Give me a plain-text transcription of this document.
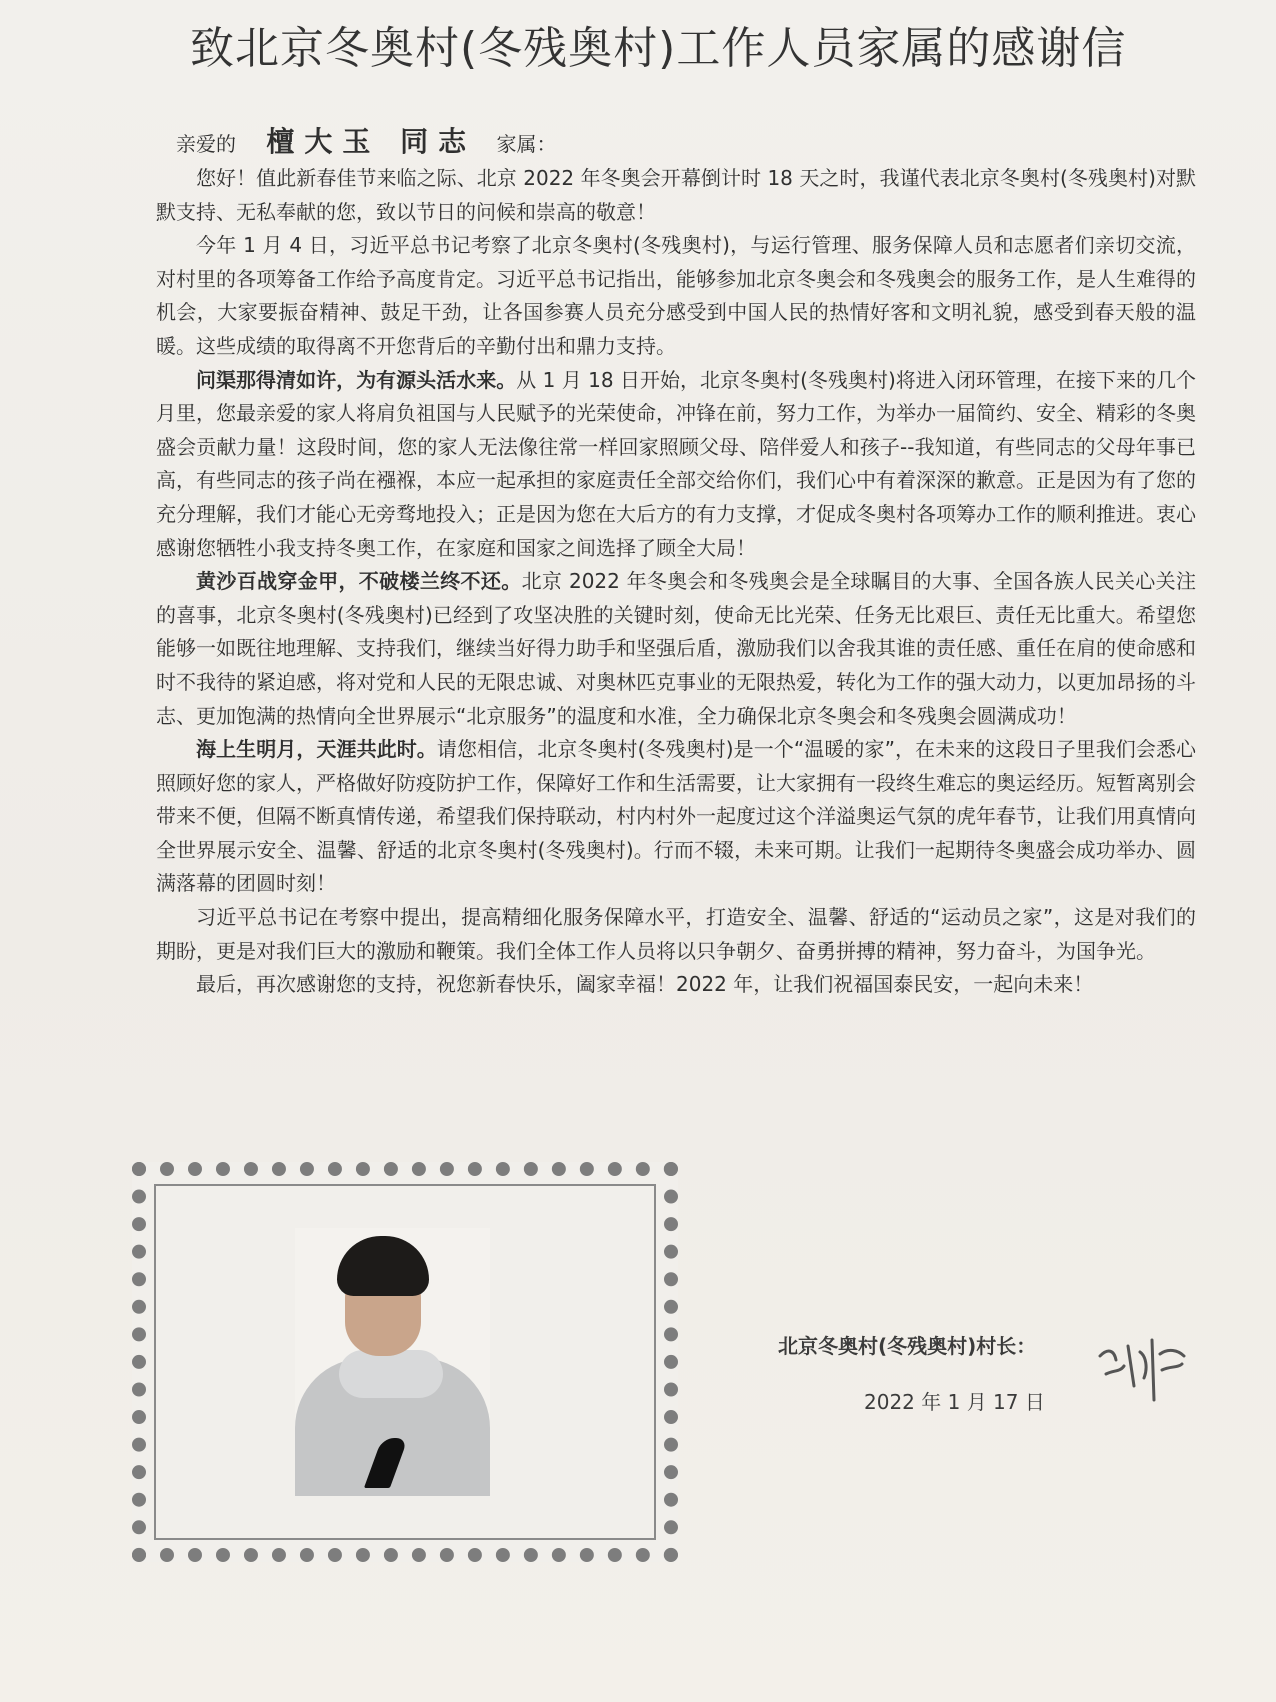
致北京冬奥村(冬残奥村)工作人员家属的感谢信
亲爱的 檀大玉 同志 家属：

您好！值此新春佳节来临之际、北京 2022 年冬奥会开幕倒计时 18 天之时，我谨代表北京冬奥村(冬残奥村)对默默支持、无私奉献的您，致以节日的问候和崇高的敬意！

今年 1 月 4 日，习近平总书记考察了北京冬奥村(冬残奥村)，与运行管理、服务保障人员和志愿者们亲切交流，对村里的各项筹备工作给予高度肯定。习近平总书记指出，能够参加北京冬奥会和冬残奥会的服务工作，是人生难得的机会，大家要振奋精神、鼓足干劲，让各国参赛人员充分感受到中国人民的热情好客和文明礼貌，感受到春天般的温暖。这些成绩的取得离不开您背后的辛勤付出和鼎力支持。

问渠那得清如许，为有源头活水来。从 1 月 18 日开始，北京冬奥村(冬残奥村)将进入闭环管理，在接下来的几个月里，您最亲爱的家人将肩负祖国与人民赋予的光荣使命，冲锋在前，努力工作，为举办一届简约、安全、精彩的冬奥盛会贡献力量！这段时间，您的家人无法像往常一样回家照顾父母、陪伴爱人和孩子--我知道，有些同志的父母年事已高，有些同志的孩子尚在襁褓，本应一起承担的家庭责任全部交给你们，我们心中有着深深的歉意。正是因为有了您的充分理解，我们才能心无旁骛地投入；正是因为您在大后方的有力支撑，才促成冬奥村各项筹办工作的顺利推进。衷心感谢您牺牲小我支持冬奥工作，在家庭和国家之间选择了顾全大局！

黄沙百战穿金甲，不破楼兰终不还。北京 2022 年冬奥会和冬残奥会是全球瞩目的大事、全国各族人民关心关注的喜事，北京冬奥村(冬残奥村)已经到了攻坚决胜的关键时刻，使命无比光荣、任务无比艰巨、责任无比重大。希望您能够一如既往地理解、支持我们，继续当好得力助手和坚强后盾，激励我们以舍我其谁的责任感、重任在肩的使命感和时不我待的紧迫感，将对党和人民的无限忠诚、对奥林匹克事业的无限热爱，转化为工作的强大动力，以更加昂扬的斗志、更加饱满的热情向全世界展示“北京服务”的温度和水准，全力确保北京冬奥会和冬残奥会圆满成功！

海上生明月，天涯共此时。请您相信，北京冬奥村(冬残奥村)是一个“温暖的家”，在未来的这段日子里我们会悉心照顾好您的家人，严格做好防疫防护工作，保障好工作和生活需要，让大家拥有一段终生难忘的奥运经历。短暂离别会带来不便，但隔不断真情传递，希望我们保持联动，村内村外一起度过这个洋溢奥运气氛的虎年春节，让我们用真情向全世界展示安全、温馨、舒适的北京冬奥村(冬残奥村)。行而不辍，未来可期。让我们一起期待冬奥盛会成功举办、圆满落幕的团圆时刻！

习近平总书记在考察中提出，提高精细化服务保障水平，打造安全、温馨、舒适的“运动员之家”，这是对我们的期盼，更是对我们巨大的激励和鞭策。我们全体工作人员将以只争朝夕、奋勇拼搏的精神，努力奋斗，为国争光。

最后，再次感谢您的支持，祝您新春快乐，阖家幸福！2022 年，让我们祝福国泰民安，一起向未来！

北京冬奥村(冬残奥村)村长：
2022 年 1 月 17 日
